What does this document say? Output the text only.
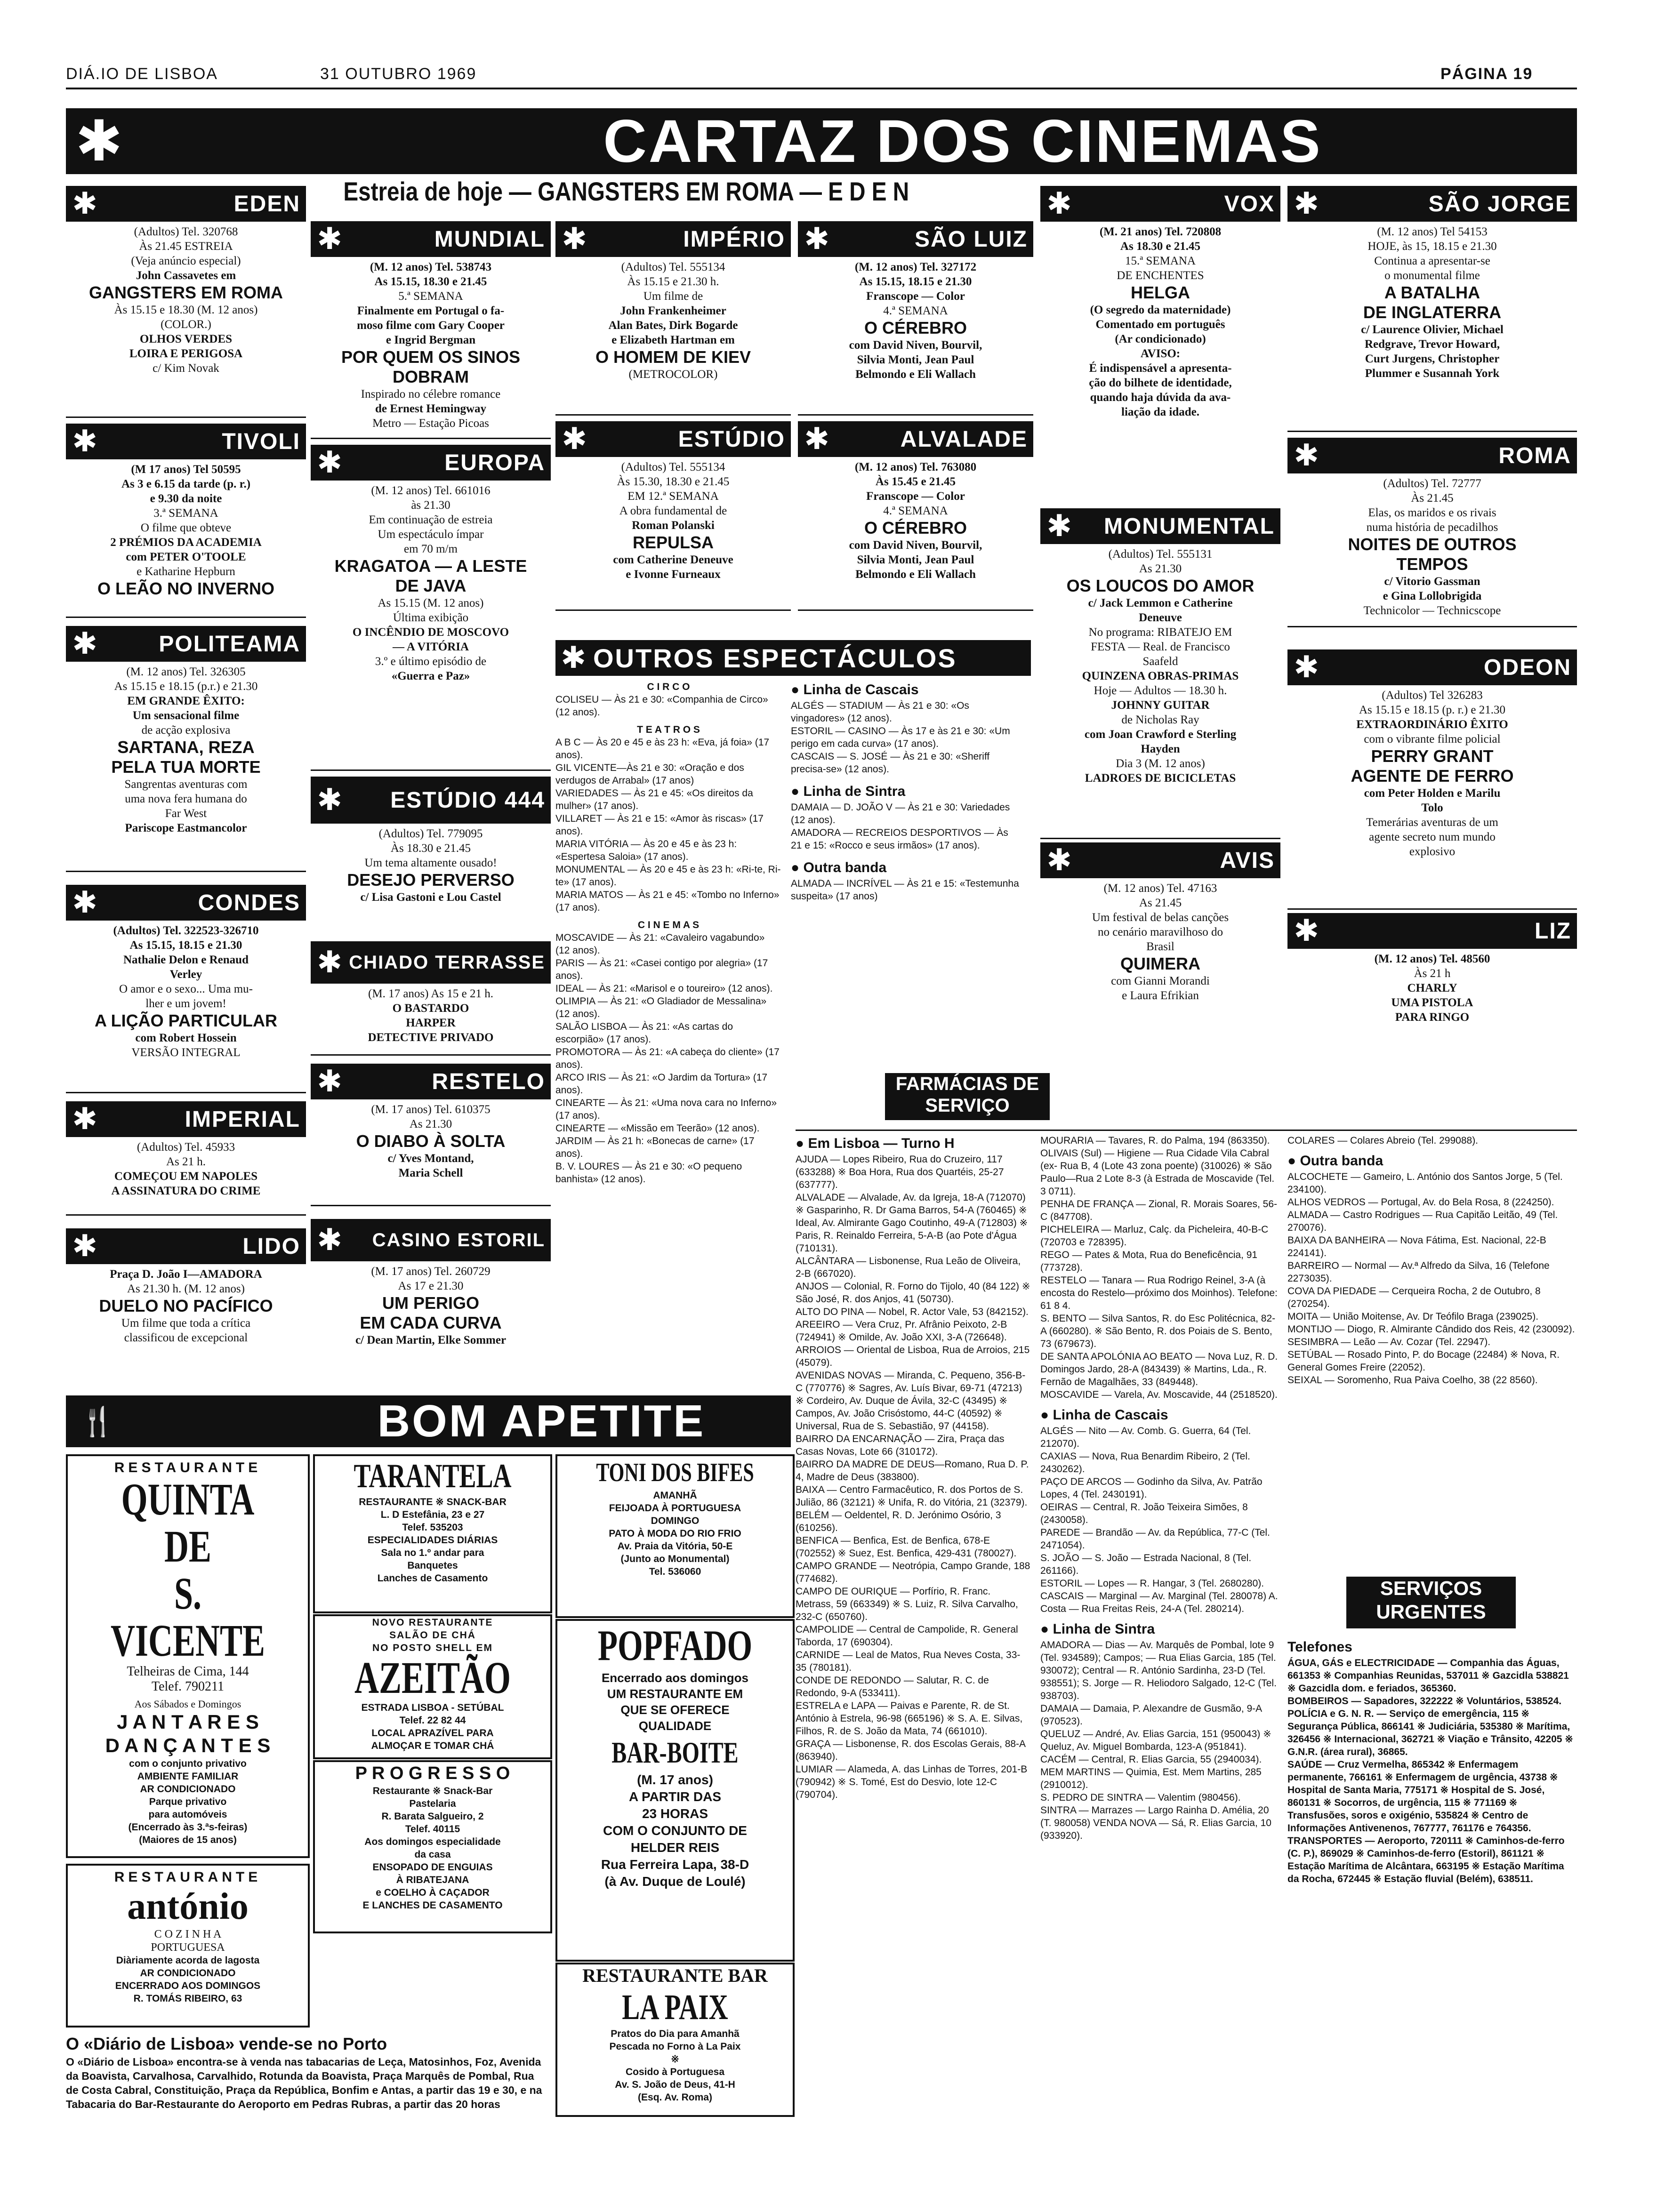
DIÁ.IO DE LISBOA	31 OUTUBRO 1969	PÁGINA 19
✱	CARTAZ DOS CINEMAS
Estreia de hoje — GANGSTERS EM ROMA — E D E N
✱	EDEN
(Adultos) Tel. 320768
Às 21.45 ESTREIA
(Veja anúncio especial)
John Cassavetes em
GANGSTERS EM ROMA
Às 15.15 e 18.30 (M. 12 anos)
(COLOR.)
OLHOS VERDES
LOIRA E PERIGOSA
c/ Kim Novak
✱	TIVOLI
(M 17 anos) Tel 50595
As 3 e 6.15 da tarde (p. r.)
e 9.30 da noite
3.ª SEMANA
O filme que obteve
2 PRÉMIOS DA ACADEMIA
com PETER O'TOOLE
e Katharine Hepburn
O LEÃO NO INVERNO
✱	POLITEAMA
(M. 12 anos) Tel. 326305
As 15.15 e 18.15 (p.r.) e 21.30
EM GRANDE ÊXITO:
Um sensacional filme
de acção explosiva
SARTANA, REZA
PELA TUA MORTE
Sangrentas aventuras com
uma nova fera humana do
Far West
Pariscope Eastmancolor
✱	CONDES
(Adultos) Tel. 322523-326710
As 15.15, 18.15 e 21.30
Nathalie Delon e Renaud
Verley
O amor e o sexo... Uma mu-
lher e um jovem!
A LIÇÃO PARTICULAR
com Robert Hossein
VERSÃO INTEGRAL
✱	IMPERIAL
(Adultos) Tel. 45933
As 21 h.
COMEÇOU EM NAPOLES
A ASSINATURA DO CRIME
✱	LIDO
Praça D. João I—AMADORA
As 21.30 h. (M. 12 anos)
DUELO NO PACÍFICO
Um filme que toda a crítica
classificou de excepcional
✱	MUNDIAL
(M. 12 anos) Tel. 538743
As 15.15, 18.30 e 21.45
5.ª SEMANA
Finalmente em Portugal o fa-
moso filme com Gary Cooper
e Ingrid Bergman
POR QUEM OS SINOS
DOBRAM
Inspirado no célebre romance
de Ernest Hemingway
Metro — Estação Picoas
✱	EUROPA
(M. 12 anos) Tel. 661016
às 21.30
Em continuação de estreia
Um espectáculo ímpar
em 70 m/m
KRAGATOA — A LESTE
DE JAVA
As 15.15 (M. 12 anos)
Última exibição
O INCÊNDIO DE MOSCOVO
— A VITÓRIA
3.º e último episódio de
«Guerra e Paz»
✱	ESTÚDIO 444
(Adultos) Tel. 779095
Às 18.30 e 21.45
Um tema altamente ousado!
DESEJO PERVERSO
c/ Lisa Gastoni e Lou Castel
✱ CHIADO TERRASSE
(M. 17 anos) As 15 e 21 h.
O BASTARDO
HARPER
DETECTIVE PRIVADO
✱	RESTELO
(M. 17 anos) Tel. 610375
As 21.30
O DIABO À SOLTA
c/ Yves Montand,
Maria Schell
✱	CASINO ESTORIL
(M. 17 anos) Tel. 260729
As 17 e 21.30
UM PERIGO
EM CADA CURVA
c/ Dean Martin, Elke Sommer
✱	IMPÉRIO
(Adultos) Tel. 555134
Às 15.15 e 21.30 h.
Um filme de
John Frankenheimer
Alan Bates, Dirk Bogarde
e Elizabeth Hartman em
O HOMEM DE KIEV
(METROCOLOR)
✱	SÃO LUIZ
(M. 12 anos) Tel. 327172
As 15.15, 18.15 e 21.30
Franscope — Color
4.ª SEMANA
O CÉREBRO
com David Niven, Bourvil,
Silvia Monti, Jean Paul
Belmondo e Eli Wallach
✱	ESTÚDIO
(Adultos) Tel. 555134
Às 15.30, 18.30 e 21.45
EM 12.ª SEMANA
A obra fundamental de
Roman Polanski
REPULSA
com Catherine Deneuve
e Ivonne Furneaux
✱	ALVALADE
(M. 12 anos) Tel. 763080
Às 15.45 e 21.45
Franscope — Color
4.ª SEMANA
O CÉREBRO
com David Niven, Bourvil,
Silvia Monti, Jean Paul
Belmondo e Eli Wallach
✱ OUTROS ESPECTÁCULOS
C I R C O
COLISEU — Às 21 e 30: «Companhia de Circo» (12 anos).
T E A T R O S
A B C — Às 20 e 45 e às 23 h: «Eva, já foia» (17 anos).
GIL VICENTE—Às 21 e 30: «Oração e dos verdugos de Arrabal» (17 anos)
VARIEDADES — Às 21 e 45: «Os direitos da mulher» (17 anos).
VILLARET — Às 21 e 15: «Amor às riscas» (17 anos).
MARIA VITÓRIA — Às 20 e 45 e às 23 h: «Espertesa Saloia» (17 anos).
MONUMENTAL — Às 20 e 45 e às 23 h: «Ri-te, Ri-te» (17 anos).
MARIA MATOS — Às 21 e 45: «Tombo no Inferno» (17 anos).
C I N E M A S
MOSCAVIDE — Às 21: «Cavaleiro vagabundo» (12 anos).
PARIS — Às 21: «Casei contigo por alegria» (17 anos).
IDEAL — Às 21: «Marisol e o toureiro» (12 anos).
OLIMPIA — Às 21: «O Gladiador de Messalina» (12 anos).
SALÃO LISBOA — Às 21: «As cartas do escorpião» (17 anos).
PROMOTORA — Às 21: «A cabeça do cliente» (17 anos).
ARCO IRIS — Às 21: «O Jardim da Tortura» (17 anos).
CINEARTE — Às 21: «Uma nova cara no Inferno» (17 anos).
CINEARTE — «Missão em Teerão» (12 anos).
JARDIM — Às 21 h: «Bonecas de carne» (17 anos).
B. V. LOURES — Às 21 e 30: «O pequeno banhista» (12 anos).
● Linha de Cascais
ALGÉS — STADIUM — Às 21 e 30: «Os vingadores» (12 anos).
ESTORIL — CASINO — Às 17 e às 21 e 30: «Um perigo em cada curva» (17 anos).
CASCAIS — S. JOSÉ — Às 21 e 30: «Sheriff precisa-se» (12 anos).
● Linha de Sintra
DAMAIA — D. JOÃO V — Às 21 e 30: Variedades (12 anos).
AMADORA — RECREIOS DESPORTIVOS — Às 21 e 15: «Rocco e seus irmãos» (17 anos).
● Outra banda
ALMADA — INCRÍVEL — Às 21 e 15: «Testemunha suspeita» (17 anos)
✱	VOX
(M. 21 anos) Tel. 720808
As 18.30 e 21.45
15.ª SEMANA
DE ENCHENTES
HELGA
(O segredo da maternidade)
Comentado em português
(Ar condicionado)
AVISO:
É indispensável a apresenta-
ção do bilhete de identidade,
quando haja dúvida da ava-
liação da idade.
✱	MONUMENTAL
(Adultos) Tel. 555131
As 21.30
OS LOUCOS DO AMOR
c/ Jack Lemmon e Catherine
Deneuve
No programa: RIBATEJO EM
FESTA — Real. de Francisco
Saafeld
QUINZENA OBRAS-PRIMAS
Hoje — Adultos — 18.30 h.
JOHNNY GUITAR
de Nicholas Ray
com Joan Crawford e Sterling
Hayden
Dia 3 (M. 12 anos)
LADROES DE BICICLETAS
✱	AVIS
(M. 12 anos) Tel. 47163
As 21.45
Um festival de belas canções
no cenário maravilhoso do
Brasil
QUIMERA
com Gianni Morandi
e Laura Efrikian
✱	SÃO JORGE
(M. 12 anos) Tel 54153
HOJE, às 15, 18.15 e 21.30
Continua a apresentar-se
o monumental filme
A BATALHA
DE INGLATERRA
c/ Laurence Olivier, Michael
Redgrave, Trevor Howard,
Curt Jurgens, Christopher
Plummer e Susannah York
✱	ROMA
(Adultos) Tel. 72777
Às 21.45
Elas, os maridos e os rivais
numa história de pecadilhos
NOITES DE OUTROS
TEMPOS
c/ Vitorio Gassman
e Gina Lollobrigida
Technicolor — Technicscope
✱	ODEON
(Adultos) Tel 326283
As 15.15 e 18.15 (p. r.) e 21.30
EXTRAORDINÁRIO ÊXITO
com o vibrante filme policial
PERRY GRANT
AGENTE DE FERRO
com Peter Holden e Marilu
Tolo
Temerárias aventuras de um
agente secreto num mundo
explosivo
✱	LIZ
(M. 12 anos) Tel. 48560
Às 21 h
CHARLY
UMA PISTOLA
PARA RINGO
FARMÁCIAS DE SERVIÇO
● Em Lisboa — Turno H
AJUDA — Lopes Ribeiro, Rua do Cruzeiro, 117 (633288) ※ Boa Hora, Rua dos Quartéis, 25-27 (637777).
ALVALADE — Alvalade, Av. da Igreja, 18-A (712070) ※ Gasparinho, R. Dr Gama Barros, 54-A (760465) ※ Ideal, Av. Almirante Gago Coutinho, 49-A (712803) ※ Paris, R. Reinaldo Ferreira, 5-A-B (ao Pote d'Água (710131).
ALCÂNTARA — Lisbonense, Rua Leão de Oliveira, 2-B (667020).
ANJOS — Colonial, R. Forno do Tijolo, 40 (84 122) ※ São José, R. dos Anjos, 41 (50730).
ALTO DO PINA — Nobel, R. Actor Vale, 53 (842152).
AREEIRO — Vera Cruz, Pr. Afrânio Peixoto, 2-B (724941) ※ Omilde, Av. João XXI, 3-A (726648).
ARROIOS — Oriental de Lisboa, Rua de Arroios, 215 (45079).
AVENIDAS NOVAS — Miranda, C. Pequeno, 356-B-C (770776) ※ Sagres, Av. Luís Bivar, 69-71 (47213) ※ Cordeiro, Av. Duque de Ávila, 32-C (43495) ※ Campos, Av. João Crisóstomo, 44-C (40592) ※ Universal, Rua de S. Sebastião, 97 (44158).
BAIRRO DA ENCARNAÇÃO — Zira, Praça das Casas Novas, Lote 66 (310172).
BAIRRO DA MADRE DE DEUS—Romano, Rua D. P. 4, Madre de Deus (383800).
BAIXA — Centro Farmacêutico, R. dos Portos de S. Julião, 86 (32121) ※ Unifa, R. do Vitória, 21 (32379).
BELÉM — Oeldentel, R. D. Jerónimo Osório, 3 (610256).
BENFICA — Benfica, Est. de Benfica, 678-E (702552) ※ Suez, Est. Benfica, 429-431 (780027).
CAMPO GRANDE — Neotrópia, Campo Grande, 188 (774682).
CAMPO DE OURIQUE — Porfírio, R. Franc. Metrass, 59 (663349) ※ S. Luiz, R. Silva Carvalho, 232-C (650760).
CAMPOLIDE — Central de Campolide, R. General Taborda, 17 (690304).
CARNIDE — Leal de Matos, Rua Neves Costa, 33-35 (780181).
CONDE DE REDONDO — Salutar, R. C. de Redondo, 9-A (533411).
ESTRELA e LAPA — Paivas e Parente, R. de St. António à Estrela, 96-98 (665196) ※ S. A. E. Silvas, Filhos, R. de S. João da Mata, 74 (661010).
GRAÇA — Lisbonense, R. dos Escolas Gerais, 88-A (863940).
LUMIAR — Alameda, A. das Linhas de Torres, 201-B (790942) ※ S. Tomé, Est do Desvio, lote 12-C (790704).
MOURARIA — Tavares, R. do Palma, 194 (863350).
OLIVAIS (Sul) — Higiene — Rua Cidade Vila Cabral (ex- Rua B, 4 (Lote 43 zona poente) (310026) ※ São Paulo—Rua 2 Lote 8-3 (à Estrada de Moscavide (Tel. 3 0711).
PENHA DE FRANÇA — Zional, R. Morais Soares, 56-C (847708).
PICHELEIRA — Marluz, Calç. da Picheleira, 40-B-C (720703 e 728395).
REGO — Pates & Mota, Rua do Beneficência, 91 (773728).
RESTELO — Tanara — Rua Rodrigo Reinel, 3-A (à encosta do Restelo—próximo dos Moinhos). Telefone: 61 8 4.
S. BENTO — Silva Santos, R. do Esc Politécnica, 82-A (660280). ※ São Bento, R. dos Poiais de S. Bento, 73 (679673).
DE SANTA APOLÓNIA AO BEATO — Nova Luz, R. D. Domingos Jardo, 28-A (843439) ※ Martins, Lda., R. Fernão de Magalhães, 33 (849448).
MOSCAVIDE — Varela, Av. Moscavide, 44 (2518520).
● Linha de Cascais
ALGÉS — Nito — Av. Comb. G. Guerra, 64 (Tel. 212070).
CAXIAS — Nova, Rua Benardim Ribeiro, 2 (Tel. 2430262).
PAÇO DE ARCOS — Godinho da Silva, Av. Patrão Lopes, 4 (Tel. 2430191).
OEIRAS — Central, R. João Teixeira Simões, 8 (2430058).
PAREDE — Brandão — Av. da República, 77-C (Tel. 2471054).
S. JOÃO — S. João — Estrada Nacional, 8 (Tel. 261166).
ESTORIL — Lopes — R. Hangar, 3 (Tel. 2680280).
CASCAIS — Marginal — Av. Marginal (Tel. 280078) A. Costa — Rua Freitas Reis, 24-A (Tel. 280214).
● Linha de Sintra
AMADORA — Dias — Av. Marquês de Pombal, lote 9 (Tel. 934589); Campos; — Rua Elias Garcia, 185 (Tel. 930072); Central — R. António Sardinha, 23-D (Tel. 938551); S. Jorge — R. Heliodoro Salgado, 12-C (Tel. 938703).
DAMAIA — Damaia, P. Alexandre de Gusmão, 9-A (970523).
QUELUZ — André, Av. Elias Garcia, 151 (950043) ※ Queluz, Av. Miguel Bombarda, 123-A (951841).
CACÉM — Central, R. Elias Garcia, 55 (2940034).
MEM MARTINS — Quimia, Est. Mem Martins, 285 (2910012).
S. PEDRO DE SINTRA — Valentim (980456).
SINTRA — Marrazes — Largo Rainha D. Amélia, 20 (T. 980058) VENDA NOVA — Sá, R. Elias Garcia, 10 (933920).
COLARES — Colares Abreio (Tel. 299088).
● Outra banda
ALCOCHETE — Gameiro, L. António dos Santos Jorge, 5 (Tel. 234100).
ALHOS VEDROS — Portugal, Av. do Bela Rosa, 8 (224250).
ALMADA — Castro Rodrigues — Rua Capitão Leitão, 49 (Tel. 270076).
BAIXA DA BANHEIRA — Nova Fátima, Est. Nacional, 22-B 224141).
BARREIRO — Normal — Av.ª Alfredo da Silva, 16 (Telefone 2273035).
COVA DA PIEDADE — Cerqueira Rocha, 2 de Outubro, 8 (270254).
MOITA — União Moitense, Av. Dr Teófilo Braga (239025).
MONTIJO — Diogo, R. Almirante Cândido dos Reis, 42 (230092).
SESIMBRA — Leão — Av. Cozar (Tel. 22947).
SETÚBAL — Rosado Pinto, P. do Bocage (22484) ※ Nova, R. General Gomes Freire (22052).
SEIXAL — Soromenho, Rua Paiva Coelho, 38 (22 8560).
SERVIÇOS URGENTES
Telefones
ÁGUA, GÁS e ELECTRICIDADE — Companhia das Águas, 661353 ※ Companhias Reunidas, 537011 ※ Gazcidla 538821 ※ Gazcidla dom. e feriados, 365360.
BOMBEIROS — Sapadores, 322222 ※ Voluntários, 538524.
POLÍCIA e G. N. R. — Serviço de emergência, 115 ※ Segurança Pública, 866141 ※ Judiciária, 535380 ※ Marítima, 326456 ※ Internacional, 362721 ※ Viação e Trânsito, 42205 ※ G.N.R. (área rural), 36865.
SAÚDE — Cruz Vermelha, 865342 ※ Enfermagem permanente, 766161 ※ Enfermagem de urgência, 43738 ※ Hospital de Santa Maria, 775171 ※ Hospital de S. José, 860131 ※ Socorros, de urgência, 115 ※ 771169 ※ Transfusões, soros e oxigénio, 535824 ※ Centro de Informações Antivenenos, 767777, 761176 e 764356.
TRANSPORTES — Aeroporto, 720111 ※ Caminhos-de-ferro (C. P.), 869029 ※ Caminhos-de-ferro (Estoril), 861121 ※ Estação Marítima de Alcântara, 663195 ※ Estação Marítima da Rocha, 672445 ※ Estação fluvial (Belém), 638511.
🍴	BOM APETITE
RESTAURANTE
QUINTA DE
S. VICENTE
Telheiras de Cima, 144
Telef. 790211
Aos Sábados e Domingos
J A N T A R E S
D A N Ç A N T E S
com o conjunto privativo
AMBIENTE FAMILIAR
AR CONDICIONADO
Parque privativo
para automóveis
(Encerrado às 3.ªs-feiras)
(Maiores de 15 anos)
RESTAURANTE
antónio
C O Z I N H A
PORTUGUESA
Diàriamente acorda de lagosta
AR CONDICIONADO
ENCERRADO AOS DOMINGOS
R. TOMÁS RIBEIRO, 63
TARANTELA
RESTAURANTE ※ SNACK-BAR
L. D Estefânia, 23 e 27
Telef. 535203
ESPECIALIDADES DIÁRIAS
Sala no 1.º andar para
Banquetes
Lanches de Casamento
NOVO RESTAURANTE
SALÃO DE CHÁ
NO POSTO SHELL EM
AZEITÃO
ESTRADA LISBOA - SETÚBAL
Telef. 22 82 44
LOCAL APRAZÍVEL PARA
ALMOÇAR E TOMAR CHÁ
P R O G R E S S O
Restaurante ※ Snack-Bar
Pastelaria
R. Barata Salgueiro, 2
Telef. 40115
Aos domingos especialidade
da casa
ENSOPADO DE ENGUIAS
À RIBATEJANA
e COELHO À CAÇADOR
E LANCHES DE CASAMENTO
TONI DOS BIFES
AMANHÃ
FEIJOADA À PORTUGUESA
DOMINGO
PATO À MODA DO RIO FRIO
Av. Praia da Vitória, 50-E
(Junto ao Monumental)
Tel. 536060
POPFADO
Encerrado aos domingos
UM RESTAURANTE EM
QUE SE OFERECE
QUALIDADE
BAR-BOITE
(M. 17 anos)
A PARTIR DAS
23 HORAS
COM O CONJUNTO DE
HELDER REIS
Rua Ferreira Lapa, 38-D
(à Av. Duque de Loulé)
RESTAURANTE BAR
LA PAIX
Pratos do Dia para Amanhã
Pescada no Forno à La Paix
※
Cosido à Portuguesa
Av. S. João de Deus, 41-H
(Esq. Av. Roma)
O «Diário de Lisboa» vende-se no Porto
O «Diário de Lisboa» encontra-se à venda nas tabacarias de Leça, Matosinhos, Foz, Avenida da Boavista, Carvalhosa, Carvalhido, Rotunda da Boavista, Praça Marquês de Pombal, Rua de Costa Cabral, Constituição, Praça da República, Bonfim e Antas, a partir das 19 e 30, e na Tabacaria do Bar-Restaurante do Aeroporto em Pedras Rubras, a partir das 20 horas
